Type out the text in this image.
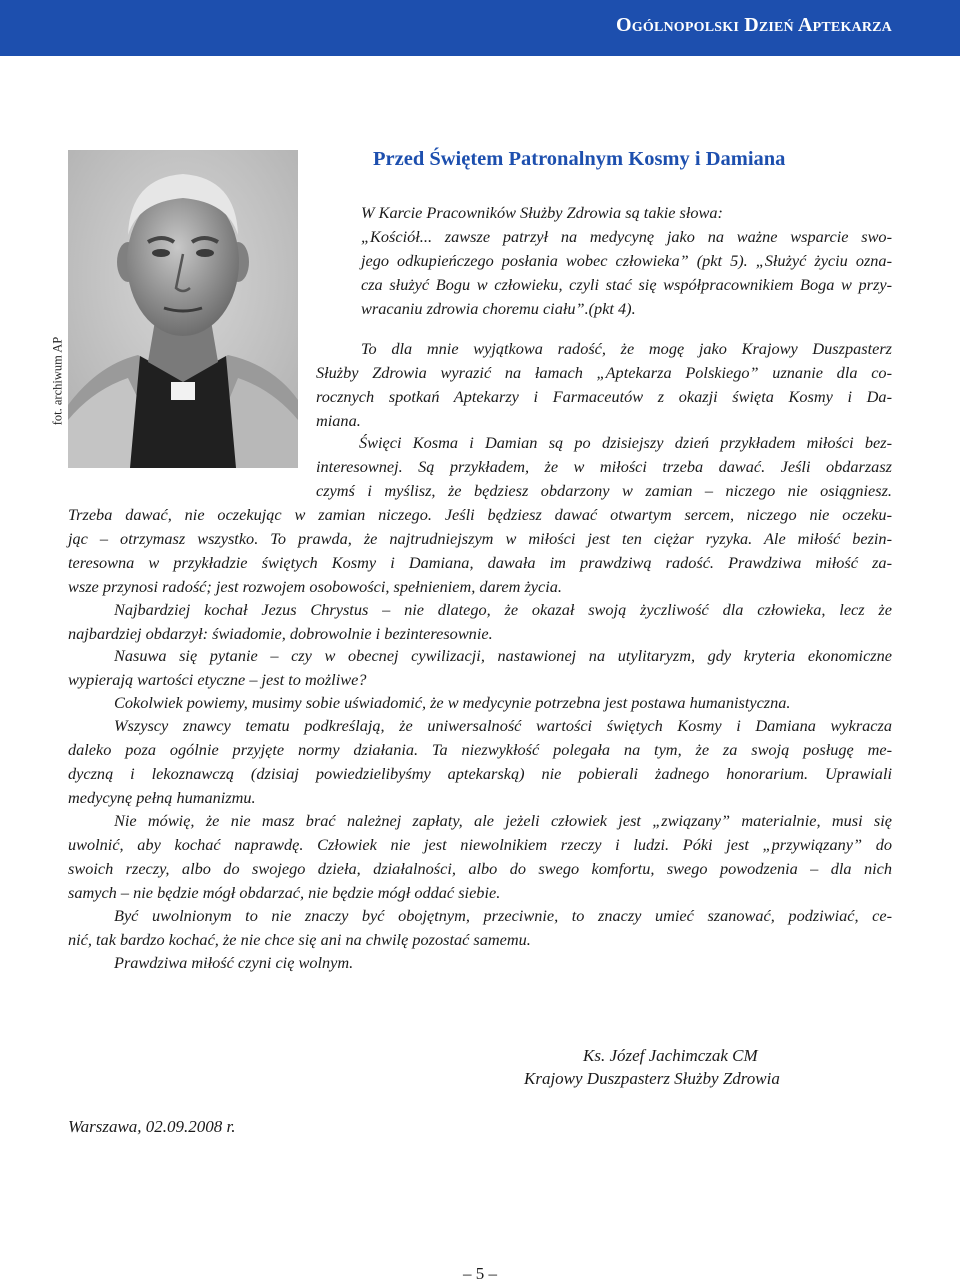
Ogólnopolski Dzień Aptekarza
fot. archiwum AP
Przed Świętem Patronalnym Kosmy i Damiana
W Karcie Pracowników Służby Zdrowia są takie słowa:
„Kościół... zawsze patrzył na medycynę jako na ważne wsparcie swo-
jego odkupieńczego posłania wobec człowieka” (pkt 5). „Służyć życiu ozna-
cza służyć Bogu w człowieku, czyli stać się współpracownikiem Boga w przy-
wracaniu zdrowia choremu ciału”.(pkt 4).
To dla mnie wyjątkowa radość, że mogę jako Krajowy Duszpasterz
Służby Zdrowia wyrazić na łamach „Aptekarza Polskiego” uznanie dla co-
rocznych spotkań Aptekarzy i Farmaceutów z okazji święta Kosmy i Da-
miana.
Święci Kosma i Damian są po dzisiejszy dzień przykładem miłości bez-
interesownej. Są przykładem, że w miłości trzeba dawać. Jeśli obdarzasz
czymś i myślisz, że będziesz obdarzony w zamian – niczego nie osiągniesz.
Trzeba dawać, nie oczekując w zamian niczego. Jeśli będziesz dawać otwartym sercem, niczego nie oczeku-
jąc – otrzymasz wszystko. To prawda, że najtrudniejszym w miłości jest ten ciężar ryzyka. Ale miłość bezin-
teresowna w przykładzie świętych Kosmy i Damiana, dawała im prawdziwą radość. Prawdziwa miłość za-
wsze przynosi radość; jest rozwojem osobowości, spełnieniem, darem życia.
Najbardziej kochał Jezus Chrystus – nie dlatego, że okazał swoją życzliwość dla człowieka, lecz że
najbardziej obdarzył: świadomie, dobrowolnie i bezinteresownie.
Nasuwa się pytanie – czy w obecnej cywilizacji, nastawionej na utylitaryzm, gdy kryteria ekonomiczne
wypierają wartości etyczne – jest to możliwe?
Cokolwiek powiemy, musimy sobie uświadomić, że w medycynie potrzebna jest postawa humanistyczna.
Wszyscy znawcy tematu podkreślają, że uniwersalność wartości świętych Kosmy i Damiana wykracza
daleko poza ogólnie przyjęte normy działania. Ta niezwykłość polegała na tym, że za swoją posługę me-
dyczną i lekoznawczą (dzisiaj powiedzielibyśmy aptekarską) nie pobierali żadnego honorarium. Uprawiali
medycynę pełną humanizmu.
Nie mówię, że nie masz brać należnej zapłaty, ale jeżeli człowiek jest „związany” materialnie, musi się
uwolnić, aby kochać naprawdę. Człowiek nie jest niewolnikiem rzeczy i ludzi. Póki jest „przywiązany” do
swoich rzeczy, albo do swojego dzieła, działalności, albo do swego komfortu, swego powodzenia – dla nich
samych – nie będzie mógł obdarzać, nie będzie mógł oddać siebie.
Być uwolnionym to nie znaczy być obojętnym, przeciwnie, to znaczy umieć szanować, podziwiać, ce-
nić, tak bardzo kochać, że nie chce się ani na chwilę pozostać samemu.
Prawdziwa miłość czyni cię wolnym.
Ks. Józef Jachimczak CM
Krajowy Duszpasterz Służby Zdrowia
Warszawa, 02.09.2008 r.
– 5 –
